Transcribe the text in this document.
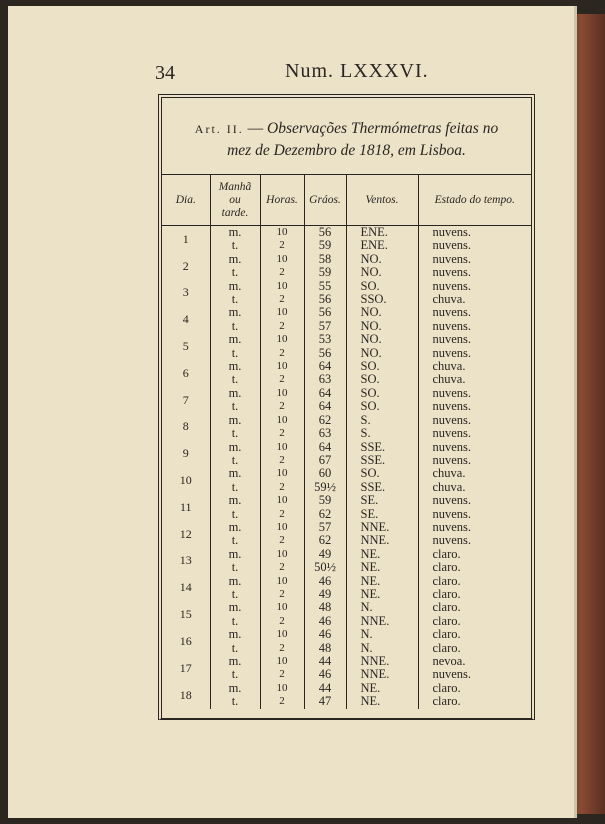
34	Num. LXXXVI.
Art. II. — Observações Thermómetras feitas no
mez de Dezembro de 1818, em Lisboa.
Dia.	Manhã
ou
tarde.	Horas.	Gráos.	Ventos.	Estado do tempo.
1	m.	10	56	ENE.	nuvens.
	t.	2	59	ENE.	nuvens.
2	m.	10	58	NO.	nuvens.
	t.	2	59	NO.	nuvens.
3	m.	10	55	SO.	nuvens.
	t.	2	56	SSO.	chuva.
4	m.	10	56	NO.	nuvens.
	t.	2	57	NO.	nuvens.
5	m.	10	53	NO.	nuvens.
	t.	2	56	NO.	nuvens.
6	m.	10	64	SO.	chuva.
	t.	2	63	SO.	chuva.
7	m.	10	64	SO.	nuvens.
	t.	2	64	SO.	nuvens.
8	m.	10	62	S.	nuvens.
	t.	2	63	S.	nuvens.
9	m.	10	64	SSE.	nuvens.
	t.	2	67	SSE.	nuvens.
10	m.	10	60	SO.	chuva.
	t.	2	59½	SSE.	chuva.
11	m.	10	59	SE.	nuvens.
	t.	2	62	SE.	nuvens.
12	m.	10	57	NNE.	nuvens.
	t.	2	62	NNE.	nuvens.
13	m.	10	49	NE.	claro.
	t.	2	50½	NE.	claro.
14	m.	10	46	NE.	claro.
	t.	2	49	NE.	claro.
15	m.	10	48	N.	claro.
	t.	2	46	NNE.	claro.
16	m.	10	46	N.	claro.
	t.	2	48	N.	claro.
17	m.	10	44	NNE.	nevoa.
	t.	2	46	NNE.	nuvens.
18	m.	10	44	NE.	claro.
	t.	2	47	NE.	claro.
